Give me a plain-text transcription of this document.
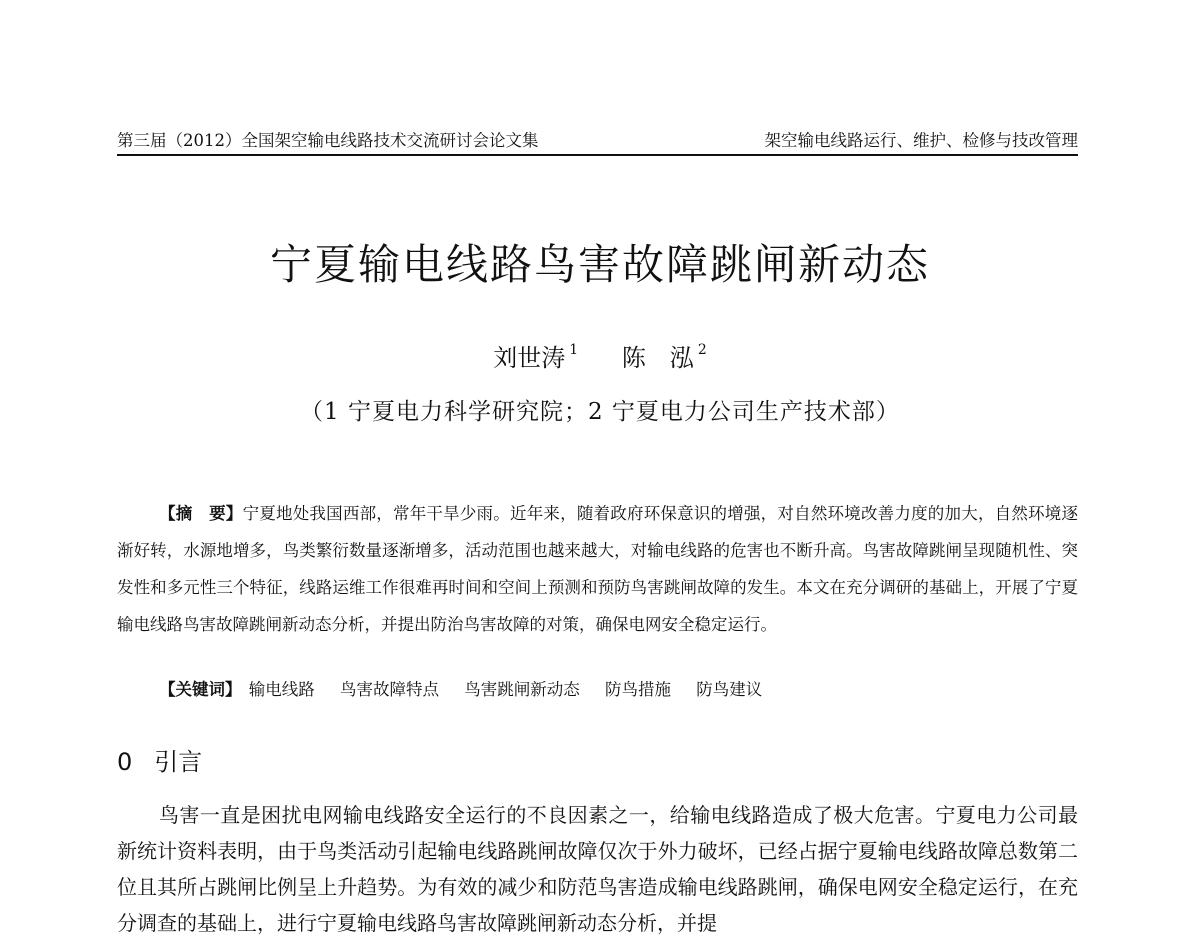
第三届（2012）全国架空输电线路技术交流研讨会论文集	架空输电线路运行、维护、检修与技改管理
宁夏输电线路鸟害故障跳闸新动态
刘世涛 $^1$ 陈　泓 $^2$
（1 宁夏电力科学研究院；2 宁夏电力公司生产技术部）

【摘　要】宁夏地处我国西部，常年干旱少雨。近年来，随着政府环保意识的增强，对自然环境改善力度的加大，自然环境逐渐好转，水源地增多，鸟类繁衍数量逐渐增多，活动范围也越来越大，对输电线路的危害也不断升高。鸟害故障跳闸呈现随机性、突发性和多元性三个特征，线路运维工作很难再时间和空间上预测和预防鸟害跳闸故障的发生。本文在充分调研的基础上，开展了宁夏输电线路鸟害故障跳闸新动态分析，并提出防治鸟害故障的对策，确保电网安全稳定运行。

【关键词】 输电线路 鸟害故障特点 鸟害跳闸新动态 防鸟措施 防鸟建议
0 引言

鸟害一直是困扰电网输电线路安全运行的不良因素之一，给输电线路造成了极大危害。宁夏电力公司最新统计资料表明，由于鸟类活动引起输电线路跳闸故障仅次于外力破坏，已经占据宁夏输电线路故障总数第二位且其所占跳闸比例呈上升趋势。为有效的减少和防范鸟害造成输电线路跳闸，确保电网安全稳定运行，在充分调查的基础上，进行宁夏输电线路鸟害故障跳闸新动态分析，并提
